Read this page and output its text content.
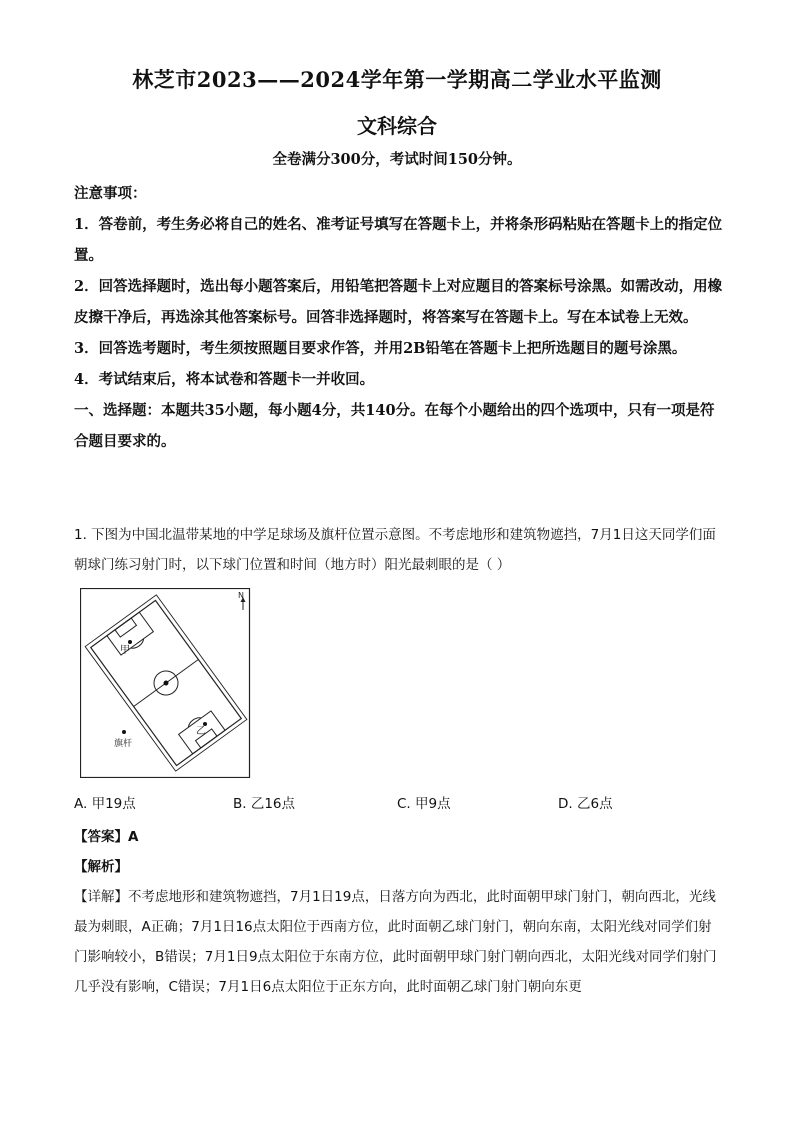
林芝市2023——2024学年第一学期高二学业水平监测
文科综合
全卷满分300分，考试时间150分钟。

注意事项：

1．答卷前，考生务必将自己的姓名、准考证号填写在答题卡上，并将条形码粘贴在答题卡上的指定位置。

2．回答选择题时，选出每小题答案后，用铅笔把答题卡上对应题目的答案标号涂黑。如需改动，用橡皮擦干净后，再选涂其他答案标号。回答非选择题时，将答案写在答题卡上。写在本试卷上无效。

3．回答选考题时，考生须按照题目要求作答，并用2B铅笔在答题卡上把所选题目的题号涂黑。

4．考试结束后，将本试卷和答题卡一并收回。

一、选择题：本题共35小题，每小题4分，共140分。在每个小题给出的四个选项中，只有一项是符合题目要求的。

1. 下图为中国北温带某地的中学足球场及旗杆位置示意图。不考虑地形和建筑物遮挡，7月1日这天同学们面朝球门练习射门时，以下球门位置和时间（地方时）阳光最刺眼的是（ ）
N
甲
乙
旗杆
A. 甲19点	B. 乙16点	C. 甲9点	D. 乙6点

【答案】A

【解析】

【详解】不考虑地形和建筑物遮挡，7月1日19点，日落方向为西北，此时面朝甲球门射门，朝向西北，光线最为刺眼，A正确；7月1日16点太阳位于西南方位，此时面朝乙球门射门，朝向东南，太阳光线对同学们射门影响较小，B错误；7月1日9点太阳位于东南方位，此时面朝甲球门射门朝向西北，太阳光线对同学们射门几乎没有影响，C错误；7月1日6点太阳位于正东方向，此时面朝乙球门射门朝向东更
